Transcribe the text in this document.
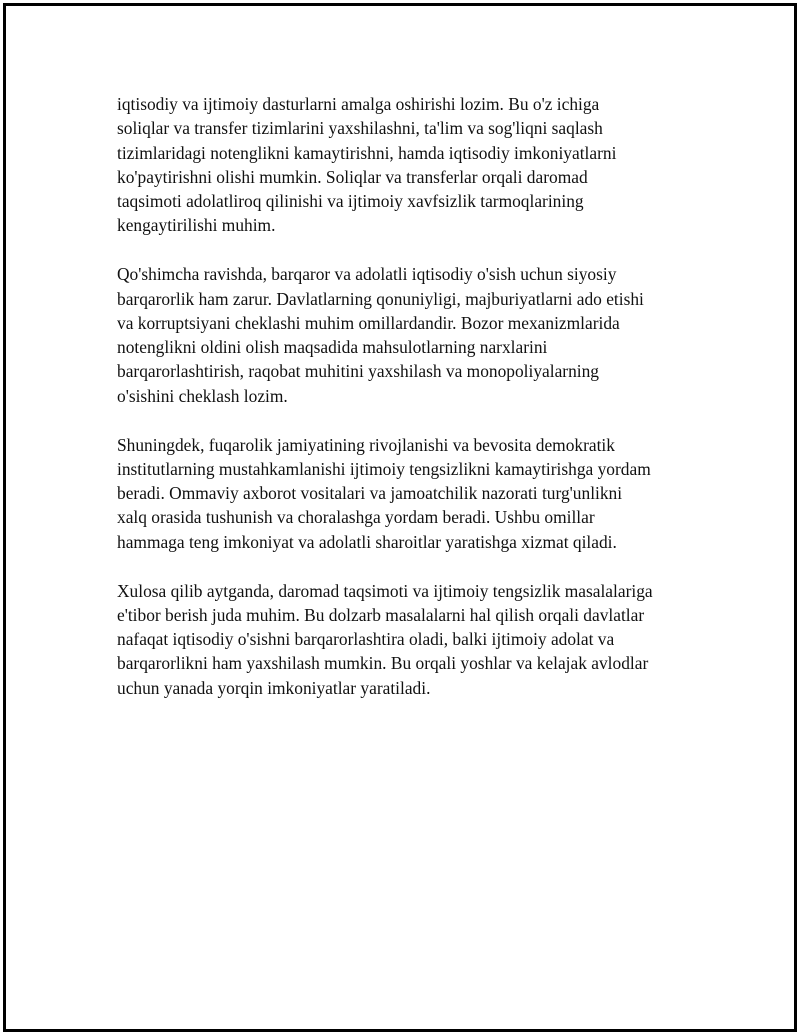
iqtisodiy va ijtimoiy dasturlarni amalga oshirishi lozim. Bu o'z ichiga
soliqlar va transfer tizimlarini yaxshilashni, ta'lim va sog'liqni saqlash
tizimlaridagi notenglikni kamaytirishni, hamda iqtisodiy imkoniyatlarni
ko'paytirishni olishi mumkin. Soliqlar va transferlar orqali daromad
taqsimoti adolatliroq qilinishi va ijtimoiy xavfsizlik tarmoqlarining
kengaytirilishi muhim.

Qo'shimcha ravishda, barqaror va adolatli iqtisodiy o'sish uchun siyosiy
barqarorlik ham zarur. Davlatlarning qonuniyligi, majburiyatlarni ado etishi
va korruptsiyani cheklashi muhim omillardandir. Bozor mexanizmlarida
notenglikni oldini olish maqsadida mahsulotlarning narxlarini
barqarorlashtirish, raqobat muhitini yaxshilash va monopoliyalarning
o'sishini cheklash lozim.

Shuningdek, fuqarolik jamiyatining rivojlanishi va bevosita demokratik
institutlarning mustahkamlanishi ijtimoiy tengsizlikni kamaytirishga yordam
beradi. Ommaviy axborot vositalari va jamoatchilik nazorati turg'unlikni
xalq orasida tushunish va choralashga yordam beradi. Ushbu omillar
hammaga teng imkoniyat va adolatli sharoitlar yaratishga xizmat qiladi.

Xulosa qilib aytganda, daromad taqsimoti va ijtimoiy tengsizlik masalalariga
e'tibor berish juda muhim. Bu dolzarb masalalarni hal qilish orqali davlatlar
nafaqat iqtisodiy o'sishni barqarorlashtira oladi, balki ijtimoiy adolat va
barqarorlikni ham yaxshilash mumkin. Bu orqali yoshlar va kelajak avlodlar
uchun yanada yorqin imkoniyatlar yaratiladi.
